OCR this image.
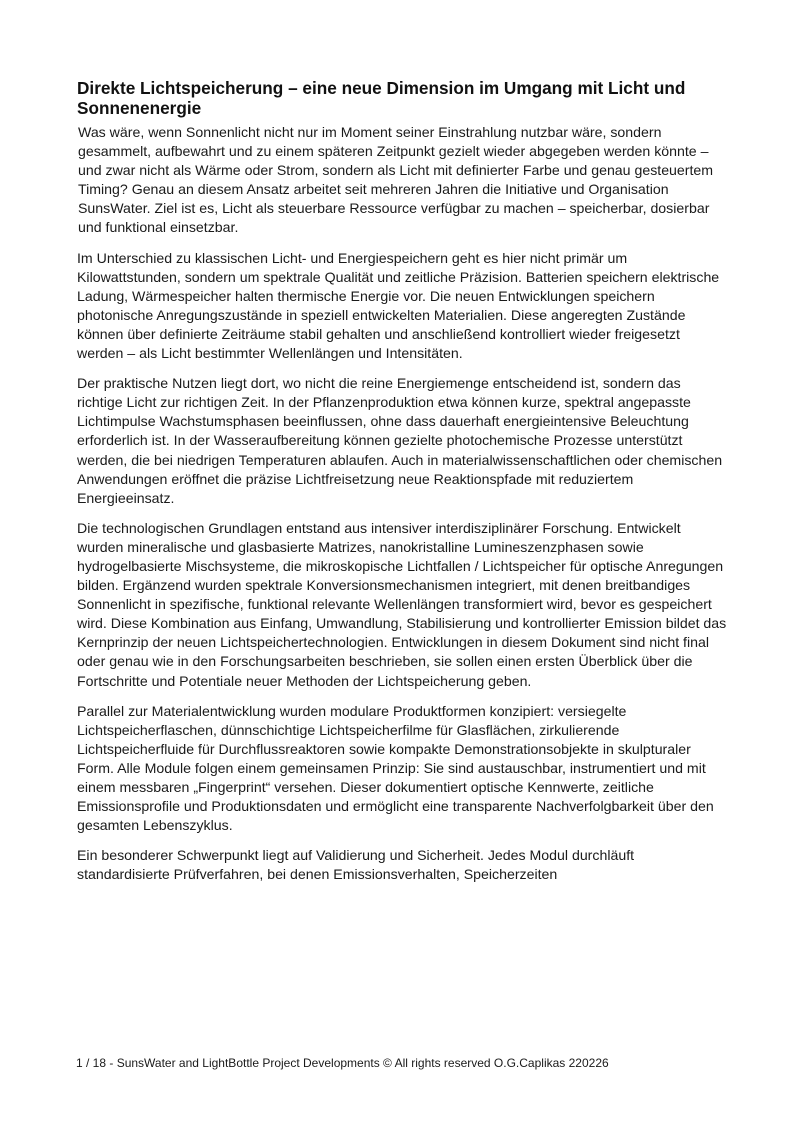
Direkte Lichtspeicherung – eine neue Dimension im Umgang mit Licht und Sonnenenergie

Was wäre, wenn Sonnenlicht nicht nur im Moment seiner Einstrahlung nutzbar wäre, sondern gesammelt, aufbewahrt und zu einem späteren Zeitpunkt gezielt wieder abgegeben werden könnte – und zwar nicht als Wärme oder Strom, sondern als Licht mit definierter Farbe und genau gesteuertem Timing? Genau an diesem Ansatz arbeitet seit mehreren Jahren die Initiative und Organisation SunsWater. Ziel ist es, Licht als steuerbare Ressource verfügbar zu machen – speicherbar, dosierbar und funktional einsetzbar.

Im Unterschied zu klassischen Licht- und Energiespeichern geht es hier nicht primär um Kilowattstunden, sondern um spektrale Qualität und zeitliche Präzision. Batterien speichern elektrische Ladung, Wärmespeicher halten thermische Energie vor. Die neuen Entwicklungen speichern photonische Anregungszustände in speziell entwickelten Materialien. Diese angeregten Zustände können über definierte Zeiträume stabil gehalten und anschließend kontrolliert wieder freigesetzt werden – als Licht bestimmter Wellenlängen und Intensitäten.

Der praktische Nutzen liegt dort, wo nicht die reine Energiemenge entscheidend ist, sondern das richtige Licht zur richtigen Zeit. In der Pflanzenproduktion etwa können kurze, spektral angepasste Lichtimpulse Wachstumsphasen beeinflussen, ohne dass dauerhaft energieintensive Beleuchtung erforderlich ist. In der Wasseraufbereitung können gezielte photochemische Prozesse unterstützt werden, die bei niedrigen Temperaturen ablaufen. Auch in materialwissenschaftlichen oder chemischen Anwendungen eröffnet die präzise Lichtfreisetzung neue Reaktionspfade mit reduziertem Energieeinsatz.

Die technologischen Grundlagen entstand aus intensiver interdisziplinärer Forschung. Entwickelt wurden mineralische und glasbasierte Matrizes, nanokristalline Lumineszenzphasen sowie hydrogelbasierte Mischsysteme, die mikroskopische Lichtfallen / Lichtspeicher für optische Anregungen bilden. Ergänzend wurden spektrale Konversionsmechanismen integriert, mit denen breitbandiges Sonnenlicht in spezifische, funktional relevante Wellenlängen transformiert wird, bevor es gespeichert wird. Diese Kombination aus Einfang, Umwandlung, Stabilisierung und kontrollierter Emission bildet das Kernprinzip der neuen Lichtspeichertechnologien. Entwicklungen in diesem Dokument sind nicht final oder genau wie in den Forschungsarbeiten beschrieben, sie sollen einen ersten Überblick über die Fortschritte und Potentiale neuer Methoden der Lichtspeicherung geben.

Parallel zur Materialentwicklung wurden modulare Produktformen konzipiert: versiegelte Lichtspeicherflaschen, dünnschichtige Lichtspeicherfilme für Glasflächen, zirkulierende Lichtspeicherfluide für Durchflussreaktoren sowie kompakte Demonstrationsobjekte in skulpturaler Form. Alle Module folgen einem gemeinsamen Prinzip: Sie sind austauschbar, instrumentiert und mit einem messbaren „Fingerprint“ versehen. Dieser dokumentiert optische Kennwerte, zeitliche Emissionsprofile und Produktionsdaten und ermöglicht eine transparente Nachverfolgbarkeit über den gesamten Lebenszyklus.

Ein besonderer Schwerpunkt liegt auf Validierung und Sicherheit. Jedes Modul durchläuft standardisierte Prüfverfahren, bei denen Emissionsverhalten, Speicherzeiten

1 / 18 - SunsWater and LightBottle Project Developments © All rights reserved O.G.Caplikas 220226
